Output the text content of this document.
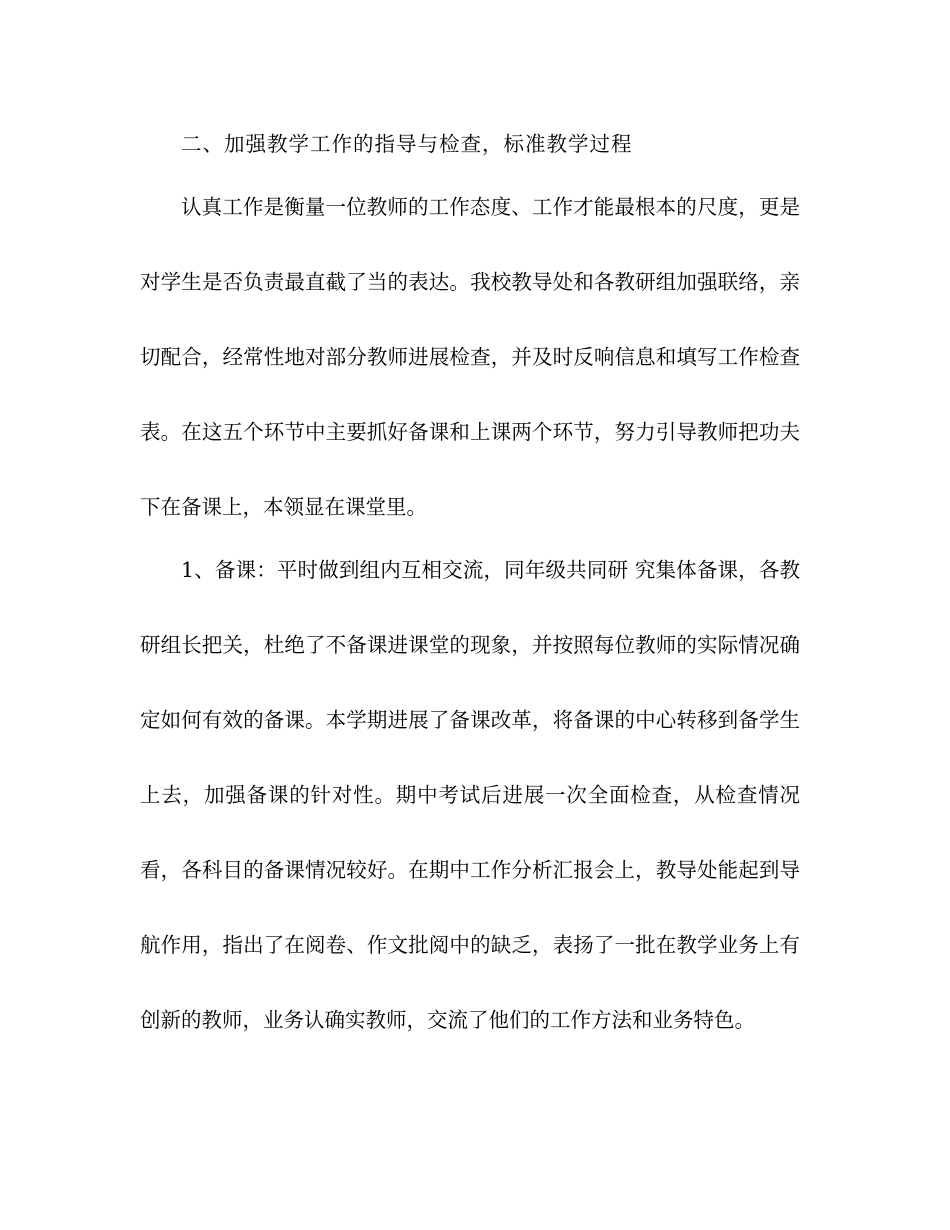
二、加强教学工作的指导与检查，标准教学过程

认真工作是衡量一位教师的工作态度、工作才能最根本的尺度，更是对学生是否负责最直截了当的表达。我校教导处和各教研组加强联络，亲切配合，经常性地对部分教师进展检查，并及时反响信息和填写工作检查表。在这五个环节中主要抓好备课和上课两个环节，努力引导教师把功夫下在备课上，本领显在课堂里。

1、备课：平时做到组内互相交流，同年级共同研 究集体备课，各教研组长把关，杜绝了不备课进课堂的现象，并按照每位教师的实际情况确定如何有效的备课。本学期进展了备课改革，将备课的中心转移到备学生上去，加强备课的针对性。期中考试后进展一次全面检查，从检查情况看，各科目的备课情况较好。在期中工作分析汇报会上，教导处能起到导航作用，指出了在阅卷、作文批阅中的缺乏，表扬了一批在教学业务上有创新的教师，业务认确实教师，交流了他们的工作方法和业务特色。
